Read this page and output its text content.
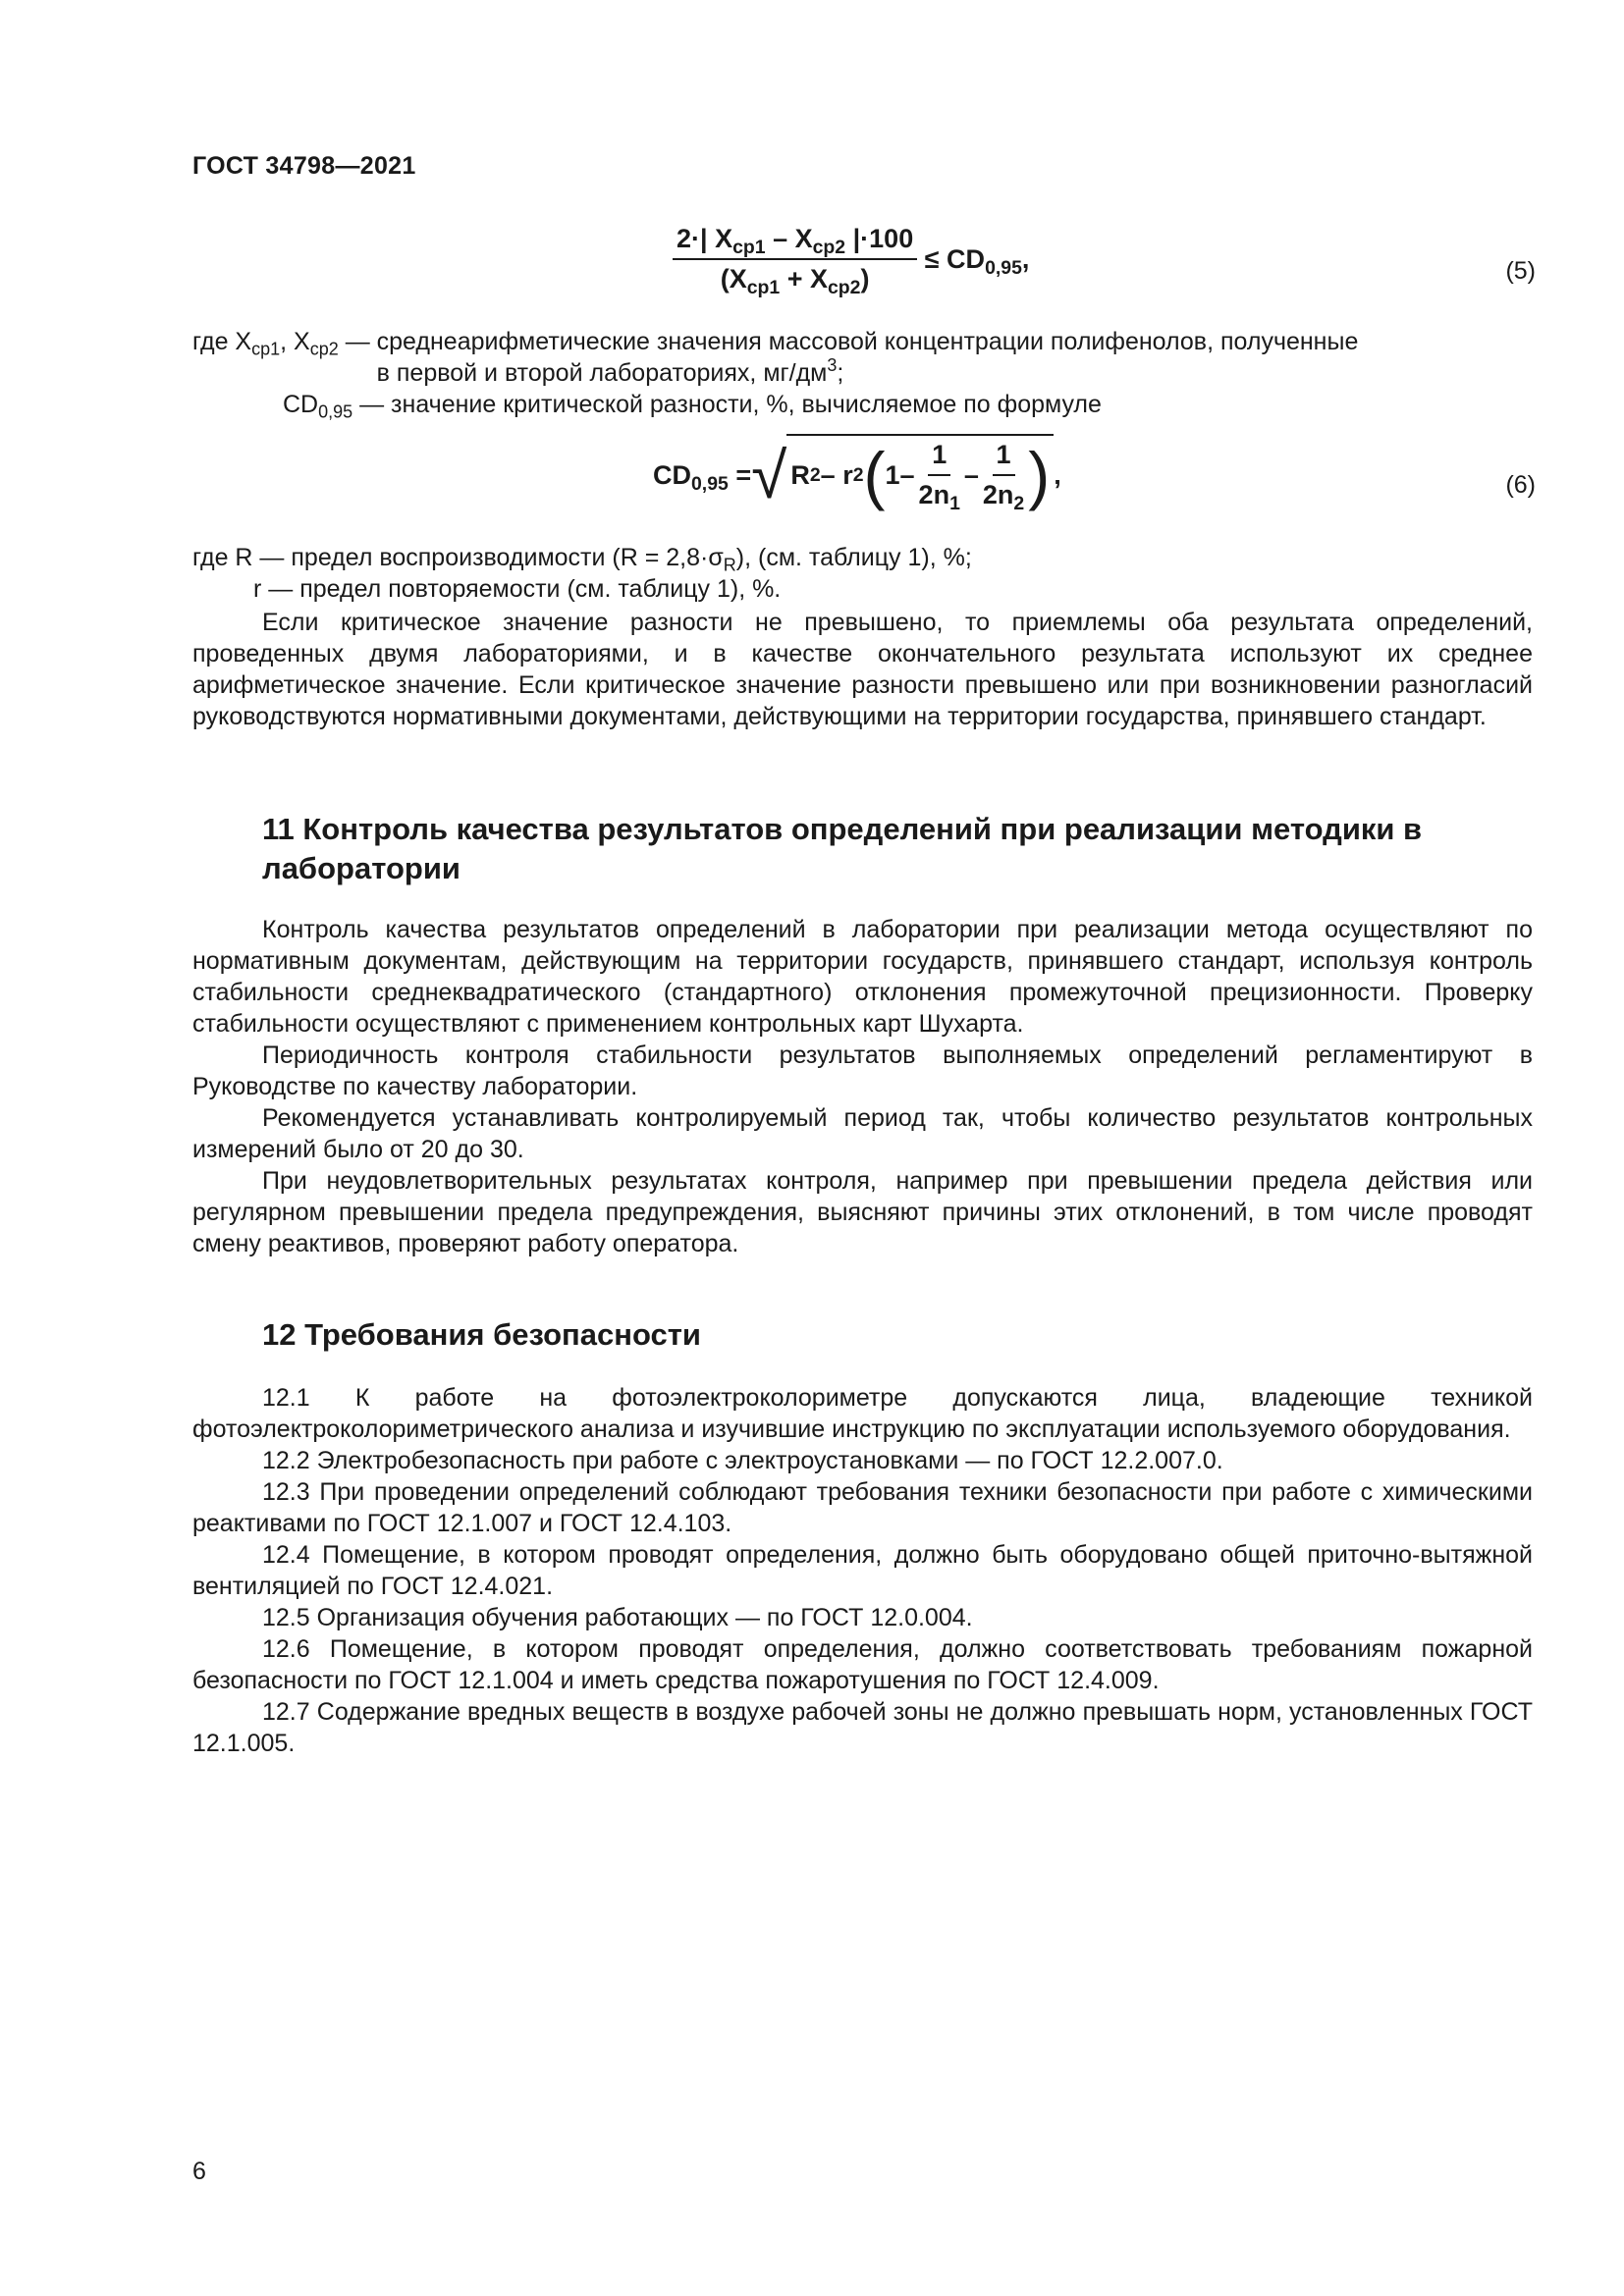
ГОСТ 34798—2021
$\frac{2\cdot| X_{ср1} - X_{ср2} |\cdot 100}{(X_{ср1} + X_{ср2})} \le CD_{0,95}$,	(5)
где $X_{ср1}$, $X_{ср2}$ — среднеарифметические значения массовой концентрации полифенолов, полученные
в первой и второй лабораториях, $мг/дм^3$;
$CD_{0,95}$ — значение критической разности, %, вычисляемое по формуле
$CD_{0,95}$ = √ R 2 – r 2 ( $1- \frac{1}{2n_1} - \frac{1}{2n_2}$ ) ,	(6)
где R — предел воспроизводимости $(R = 2,8\cdot\sigma_R)$, (см. таблицу 1), %;
r — предел повторяемости (см. таблицу 1), %.

Если критическое значение разности не превышено, то приемлемы оба результата определений, проведенных двумя лабораториями, и в качестве окончательного результата используют их среднее арифметическое значение. Если критическое значение разности превышено или при возникновении разногласий руководствуются нормативными документами, действующими на территории государства, принявшего стандарт.

11 Контроль качества результатов определений при реализации методики в лаборатории

Контроль качества результатов определений в лаборатории при реализации метода осуществляют по нормативным документам, действующим на территории государств, принявшего стандарт, используя контроль стабильности среднеквадратического (стандартного) отклонения промежуточной прецизионности. Проверку стабильности осуществляют с применением контрольных карт Шухарта.

Периодичность контроля стабильности результатов выполняемых определений регламентируют в Руководстве по качеству лаборатории.

Рекомендуется устанавливать контролируемый период так, чтобы количество результатов контрольных измерений было от 20 до 30.

При неудовлетворительных результатах контроля, например при превышении предела действия или регулярном превышении предела предупреждения, выясняют причины этих отклонений, в том числе проводят смену реактивов, проверяют работу оператора.

12 Требования безопасности

12.1 К работе на фотоэлектроколориметре допускаются лица, владеющие техникой фотоэлектроколориметрического анализа и изучившие инструкцию по эксплуатации используемого оборудования.

12.2 Электробезопасность при работе с электроустановками — по ГОСТ 12.2.007.0.

12.3 При проведении определений соблюдают требования техники безопасности при работе с химическими реактивами по ГОСТ 12.1.007 и ГОСТ 12.4.103.

12.4 Помещение, в котором проводят определения, должно быть оборудовано общей приточно-вытяжной вентиляцией по ГОСТ 12.4.021.

12.5 Организация обучения работающих — по ГОСТ 12.0.004.

12.6 Помещение, в котором проводят определения, должно соответствовать требованиям пожарной безопасности по ГОСТ 12.1.004 и иметь средства пожаротушения по ГОСТ 12.4.009.

12.7 Содержание вредных веществ в воздухе рабочей зоны не должно превышать норм, установленных ГОСТ 12.1.005.

6
